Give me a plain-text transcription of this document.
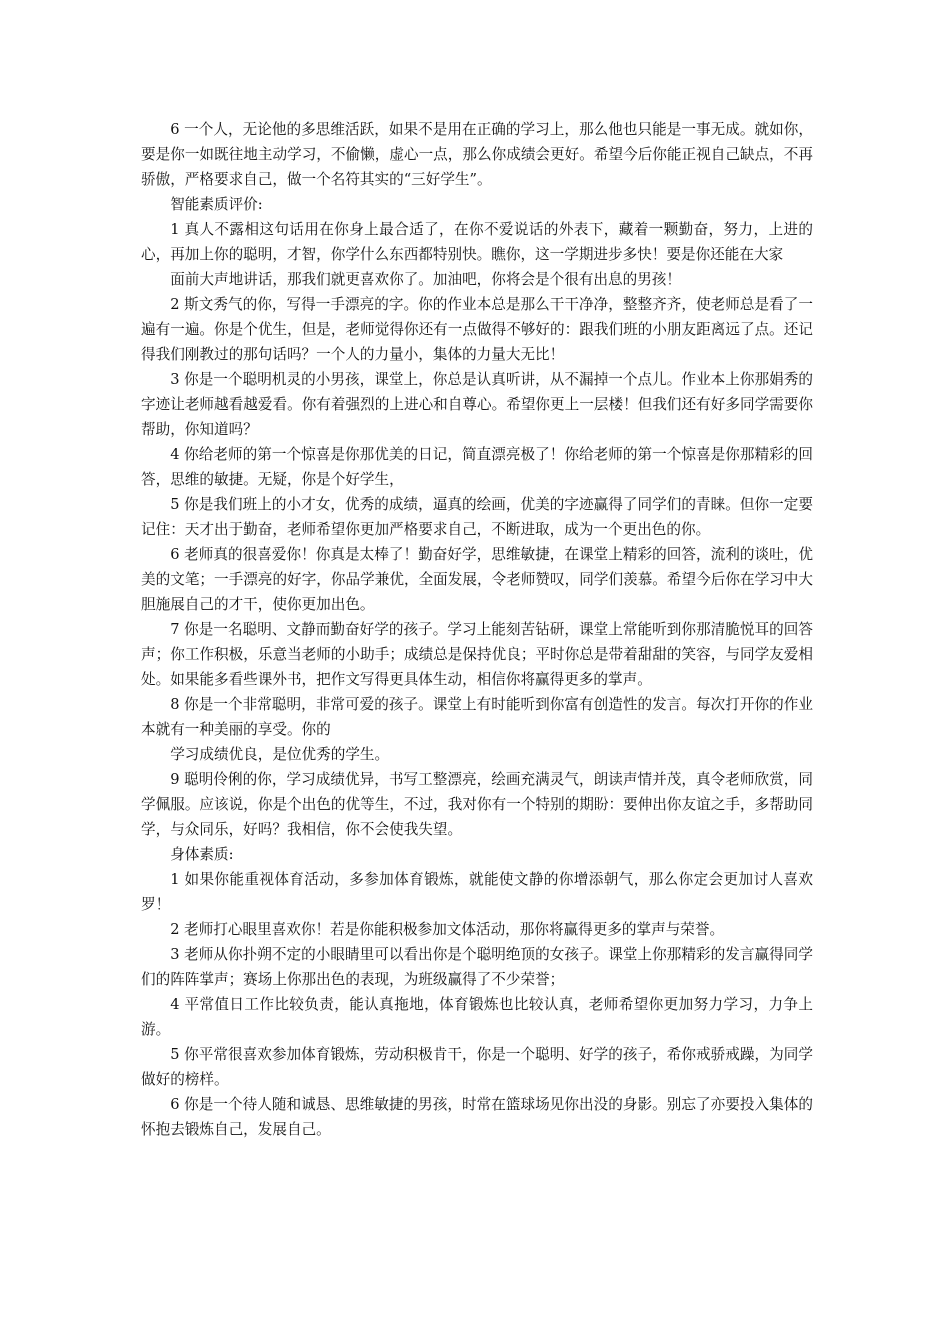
6 一个人，无论他的多思维活跃，如果不是用在正确的学习上，那么他也只能是一事无成。就如你，要是你一如既往地主动学习，不偷懒，虚心一点，那么你成绩会更好。希望今后你能正视自己缺点，不再骄傲，严格要求自己，做一个名符其实的“三好学生”。

智能素质评价:

1 真人不露相这句话用在你身上最合适了，在你不爱说话的外表下，藏着一颗勤奋，努力，上进的心，再加上你的聪明，才智，你学什么东西都特别快。瞧你，这一学期进步多快！要是你还能在大家

面前大声地讲话，那我们就更喜欢你了。加油吧，你将会是个很有出息的男孩！

2 斯文秀气的你，写得一手漂亮的字。你的作业本总是那么干干净净，整整齐齐，使老师总是看了一遍有一遍。你是个优生，但是，老师觉得你还有一点做得不够好的：跟我们班的小朋友距离远了点。还记得我们刚教过的那句话吗？一个人的力量小，集体的力量大无比！

3 你是一个聪明机灵的小男孩，课堂上，你总是认真听讲，从不漏掉一个点儿。作业本上你那娟秀的字迹让老师越看越爱看。你有着强烈的上进心和自尊心。希望你更上一层楼！但我们还有好多同学需要你帮助，你知道吗？

4 你给老师的第一个惊喜是你那优美的日记，简直漂亮极了！你给老师的第一个惊喜是你那精彩的回答，思维的敏捷。无疑，你是个好学生，

5 你是我们班上的小才女，优秀的成绩，逼真的绘画，优美的字迹赢得了同学们的青睐。但你一定要记住：天才出于勤奋，老师希望你更加严格要求自己，不断进取，成为一个更出色的你。

6 老师真的很喜爱你！你真是太棒了！勤奋好学，思维敏捷，在课堂上精彩的回答，流利的谈吐，优美的文笔；一手漂亮的好字，你品学兼优，全面发展，令老师赞叹，同学们羡慕。希望今后你在学习中大胆施展自己的才干，使你更加出色。

7 你是一名聪明、文静而勤奋好学的孩子。学习上能刻苦钻研，课堂上常能听到你那清脆悦耳的回答声；你工作积极，乐意当老师的小助手；成绩总是保持优良；平时你总是带着甜甜的笑容，与同学友爱相处。如果能多看些课外书，把作文写得更具体生动，相信你将赢得更多的掌声。

8 你是一个非常聪明，非常可爱的孩子。课堂上有时能听到你富有创造性的发言。每次打开你的作业本就有一种美丽的享受。你的

学习成绩优良，是位优秀的学生。

9 聪明伶俐的你，学习成绩优异，书写工整漂亮，绘画充满灵气，朗读声情并茂，真令老师欣赏，同学佩服。应该说，你是个出色的优等生，不过，我对你有一个特别的期盼：要伸出你友谊之手，多帮助同学，与众同乐，好吗？我相信，你不会使我失望。

身体素质:

1 如果你能重视体育活动，多参加体育锻炼，就能使文静的你增添朝气，那么你定会更加讨人喜欢罗！

2 老师打心眼里喜欢你！若是你能积极参加文体活动，那你将赢得更多的掌声与荣誉。

3 老师从你扑朔不定的小眼睛里可以看出你是个聪明绝顶的女孩子。课堂上你那精彩的发言赢得同学们的阵阵掌声；赛场上你那出色的表现，为班级赢得了不少荣誉；

4 平常值日工作比较负责，能认真拖地，体育锻炼也比较认真，老师希望你更加努力学习，力争上游。

5 你平常很喜欢参加体育锻炼，劳动积极肯干，你是一个聪明、好学的孩子，希你戒骄戒躁，为同学做好的榜样。

6 你是一个待人随和诚恳、思维敏捷的男孩，时常在篮球场见你出没的身影。别忘了亦要投入集体的怀抱去锻炼自己，发展自己。
